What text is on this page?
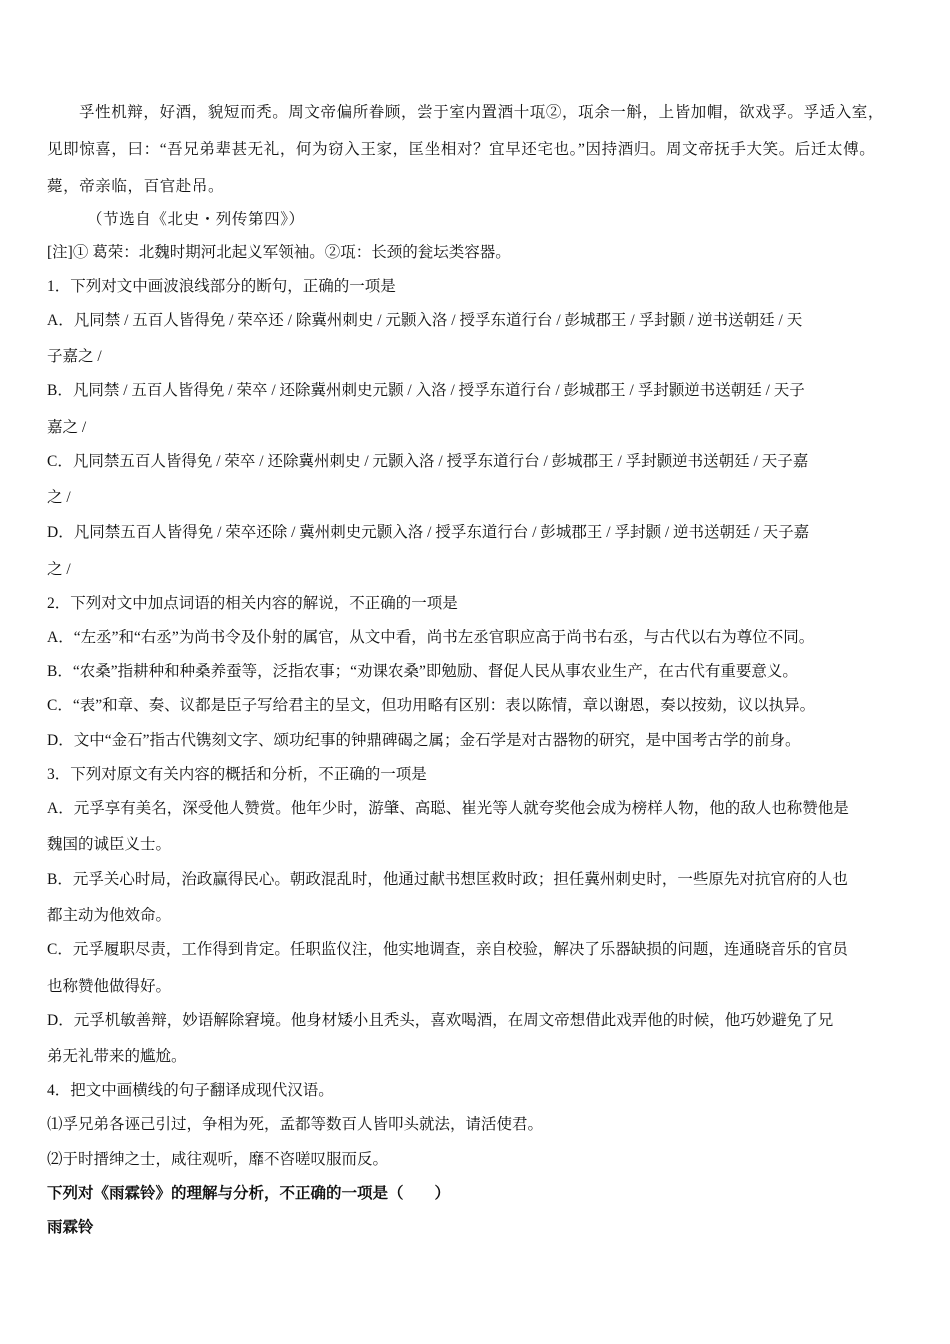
孚性机辩，好酒，貌短而秃。周文帝偏所眷顾，尝于室内置酒十瓨②，瓨余一斛，上皆加帽，欲戏孚。孚适入室，
见即惊喜，曰：“吾兄弟辈甚无礼，何为窃入王家，匡坐相对？宜早还宅也。”因持酒归。周文帝抚手大笑。后迁太傅。
薨，帝亲临，百官赴吊。
（节选自《北史・列传第四》）
[注]① 葛荣：北魏时期河北起义军领袖。②瓨：长颈的瓮坛类容器。
1．下列对文中画波浪线部分的断句，正确的一项是
A．凡同禁 / 五百人皆得免 / 荣卒还 / 除冀州刺史 / 元颢入洛 / 授孚东道行台 / 彭城郡王 / 孚封颢 / 逆书送朝廷 / 天
子嘉之 /
B．凡同禁 / 五百人皆得免 / 荣卒 / 还除冀州刺史元颢 / 入洛 / 授孚东道行台 / 彭城郡王 / 孚封颢逆书送朝廷 / 天子
嘉之 /
C．凡同禁五百人皆得免 / 荣卒 / 还除冀州刺史 / 元颢入洛 / 授孚东道行台 / 彭城郡王 / 孚封颢逆书送朝廷 / 天子嘉
之 /
D．凡同禁五百人皆得免 / 荣卒还除 / 冀州刺史元颢入洛 / 授孚东道行台 / 彭城郡王 / 孚封颢 / 逆书送朝廷 / 天子嘉
之 /
2．下列对文中加点词语的相关内容的解说，不正确的一项是
A．“左丞”和“右丞”为尚书令及仆射的属官，从文中看，尚书左丞官职应高于尚书右丞，与古代以右为尊位不同。
B．“农桑”指耕种和种桑养蚕等，泛指农事；“劝课农桑”即勉励、督促人民从事农业生产，在古代有重要意义。
C．“表”和章、奏、议都是臣子写给君主的呈文，但功用略有区别：表以陈情，章以谢恩，奏以按劾，议以执异。
D．文中“金石”指古代镌刻文字、颂功纪事的钟鼎碑碣之属；金石学是对古器物的研究，是中国考古学的前身。
3．下列对原文有关内容的概括和分析，不正确的一项是
A．元孚享有美名，深受他人赞赏。他年少时，游肇、高聪、崔光等人就夸奖他会成为榜样人物，他的敌人也称赞他是
魏国的诚臣义士。
B．元孚关心时局，治政赢得民心。朝政混乱时，他通过献书想匡救时政；担任冀州刺史时，一些原先对抗官府的人也
都主动为他效命。
C．元孚履职尽责，工作得到肯定。任职监仪注，他实地调查，亲自校验，解决了乐器缺损的问题，连通晓音乐的官员
也称赞他做得好。
D．元孚机敏善辩，妙语解除窘境。他身材矮小且秃头，喜欢喝酒，在周文帝想借此戏弄他的时候，他巧妙避免了兄
弟无礼带来的尴尬。
4．把文中画横线的句子翻译成现代汉语。
⑴孚兄弟各诬己引过，争相为死，孟都等数百人皆叩头就法，请活使君。
⑵于时搢绅之士，咸往观听，靡不咨嗟叹服而反。
下列对《雨霖铃》的理解与分析，不正确的一项是（　　）
雨霖铃
